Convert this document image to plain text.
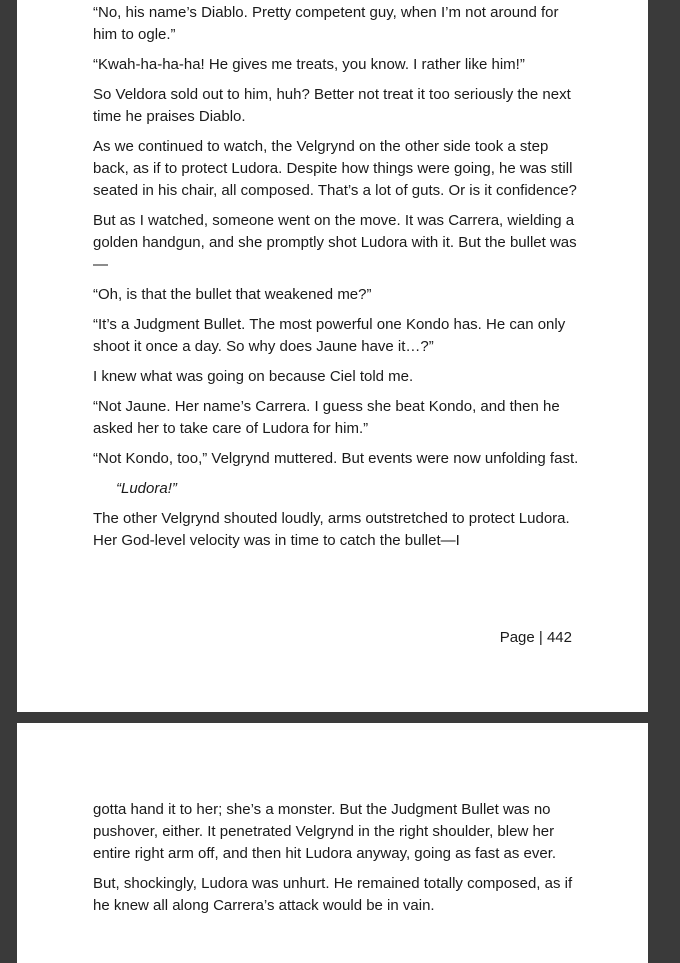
“No, his name’s Diablo. Pretty competent guy, when I’m not around for him to ogle.”

“Kwah-ha-ha-ha! He gives me treats, you know. I rather like him!”

So Veldora sold out to him, huh? Better not treat it too seriously the next time he praises Diablo.

As we continued to watch, the Velgrynd on the other side took a step back, as if to protect Ludora. Despite how things were going, he was still seated in his chair, all composed. That’s a lot of guts. Or is it confidence?

But as I watched, someone went on the move. It was Carrera, wielding a golden handgun, and she promptly shot Ludora with it. But the bullet was—

“Oh, is that the bullet that weakened me?”

“It’s a Judgment Bullet. The most powerful one Kondo has. He can only shoot it once a day. So why does Jaune have it…?”

I knew what was going on because Ciel told me.

“Not Jaune. Her name’s Carrera. I guess she beat Kondo, and then he asked her to take care of Ludora for him.”

“Not Kondo, too,” Velgrynd muttered. But events were now unfolding fast.

“Ludora!”

The other Velgrynd shouted loudly, arms outstretched to protect Ludora. Her God-level velocity was in time to catch the bullet—I

Page | 442

gotta hand it to her; she’s a monster. But the Judgment Bullet was no pushover, either. It penetrated Velgrynd in the right shoulder, blew her entire right arm off, and then hit Ludora anyway, going as fast as ever.

But, shockingly, Ludora was unhurt. He remained totally composed, as if he knew all along Carrera’s attack would be in vain.
